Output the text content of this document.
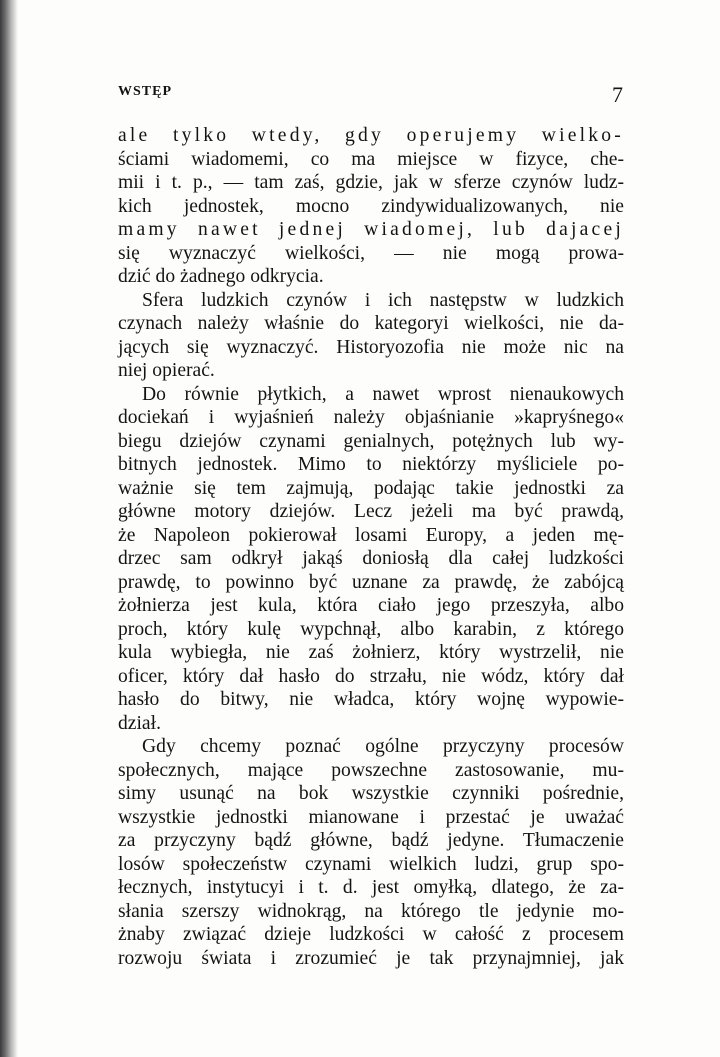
WSTĘP	7
ale tylko wtedy, gdy operujemy wielko-
ściami wiadomemi, co ma miejsce w fizyce, che-
mii i t. p., — tam zaś, gdzie, jak w sferze czynów ludz-
kich jednostek, mocno zindywidualizowanych, nie
mamy nawet jednej wiadomej, lub dajacej
się wyznaczyć wielkości, — nie mogą prowa-
dzić do żadnego odkrycia.
Sfera ludzkich czynów i ich następstw w ludzkich
czynach należy właśnie do kategoryi wielkości, nie da-
jących się wyznaczyć. Historyozofia nie może nic na
niej opierać.
Do równie płytkich, a nawet wprost nienaukowych
dociekań i wyjaśnień należy objaśnianie »kapryśnego«
biegu dziejów czynami genialnych, potężnych lub wy-
bitnych jednostek. Mimo to niektórzy myśliciele po-
ważnie się tem zajmują, podając takie jednostki za
główne motory dziejów. Lecz jeżeli ma być prawdą,
że Napoleon pokierował losami Europy, a jeden mę-
drzec sam odkrył jakąś doniosłą dla całej ludzkości
prawdę, to powinno być uznane za prawdę, że zabójcą
żołnierza jest kula, która ciało jego przeszyła, albo
proch, który kulę wypchnął, albo karabin, z którego
kula wybiegła, nie zaś żołnierz, który wystrzelił, nie
oficer, który dał hasło do strzału, nie wódz, który dał
hasło do bitwy, nie władca, który wojnę wypowie-
dział.
Gdy chcemy poznać ogólne przyczyny procesów
społecznych, mające powszechne zastosowanie, mu-
simy usunąć na bok wszystkie czynniki pośrednie,
wszystkie jednostki mianowane i przestać je uważać
za przyczyny bądź główne, bądź jedyne. Tłumaczenie
losów społeczeństw czynami wielkich ludzi, grup spo-
łecznych, instytucyi i t. d. jest omyłką, dlatego, że za-
słania szerszy widnokrąg, na którego tle jedynie mo-
żnaby związać dzieje ludzkości w całość z procesem
rozwoju świata i zrozumieć je tak przynajmniej, jak
